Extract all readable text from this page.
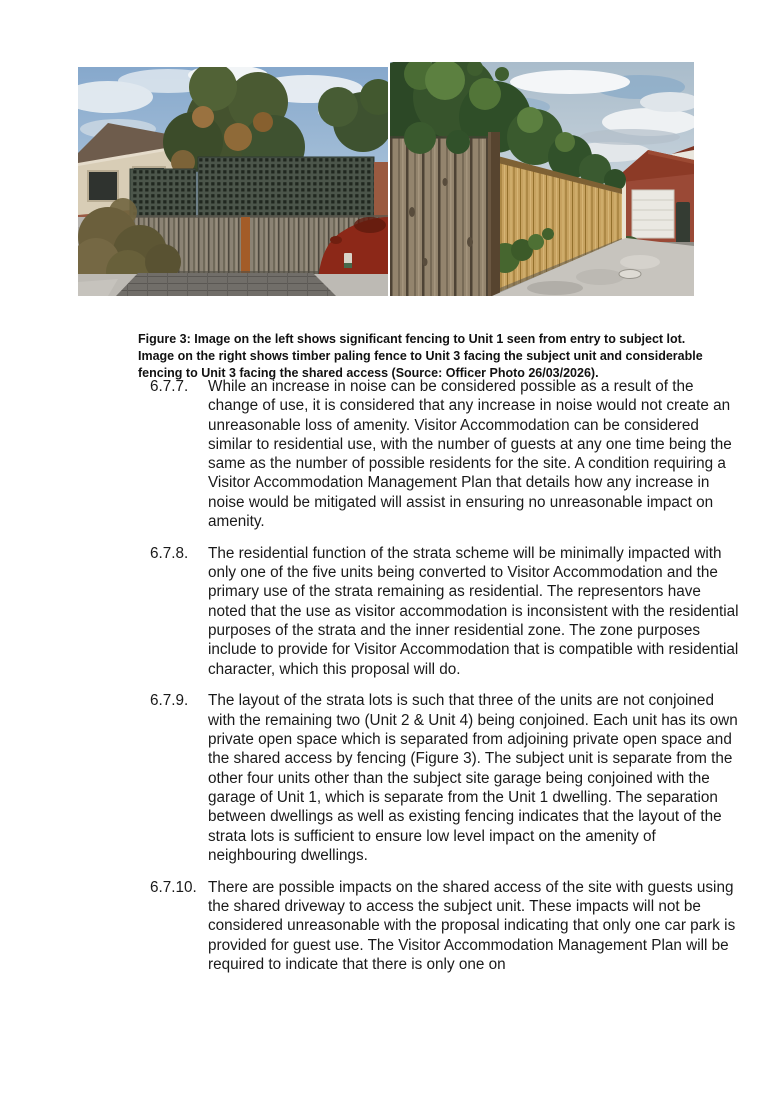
Figure 3: Image on the left shows significant fencing to Unit 1 seen from entry to subject lot. Image on the right shows timber paling fence to Unit 3 facing the subject unit and considerable fencing to Unit 3 facing the shared access (Source: Officer Photo 26/03/2026).

6.7.7.	While an increase in noise can be considered possible as a result of the change of use, it is considered that any increase in noise would not create an unreasonable loss of amenity. Visitor Accommodation can be considered similar to residential use, with the number of guests at any one time being the same as the number of possible residents for the site. A condition requiring a Visitor Accommodation Management Plan that details how any increase in noise would be mitigated will assist in ensuring no unreasonable impact on amenity.
6.7.8.	The residential function of the strata scheme will be minimally impacted with only one of the five units being converted to Visitor Accommodation and the primary use of the strata remaining as residential. The representors have noted that the use as visitor accommodation is inconsistent with the residential purposes of the strata and the inner residential zone. The zone purposes include to provide for Visitor Accommodation that is compatible with residential character, which this proposal will do.
6.7.9.	The layout of the strata lots is such that three of the units are not conjoined with the remaining two (Unit 2 & Unit 4) being conjoined. Each unit has its own private open space which is separated from adjoining private open space and the shared access by fencing (Figure 3). The subject unit is separate from the other four units other than the subject site garage being conjoined with the garage of Unit 1, which is separate from the Unit 1 dwelling. The separation between dwellings as well as existing fencing indicates that the layout of the strata lots is sufficient to ensure low level impact on the amenity of neighbouring dwellings.
6.7.10. There are possible impacts on the shared access of the site with guests using the shared driveway to access the subject unit. These impacts will not be considered unreasonable with the proposal indicating that only one car park is provided for guest use. The Visitor Accommodation Management Plan will be required to indicate that there is only one on
